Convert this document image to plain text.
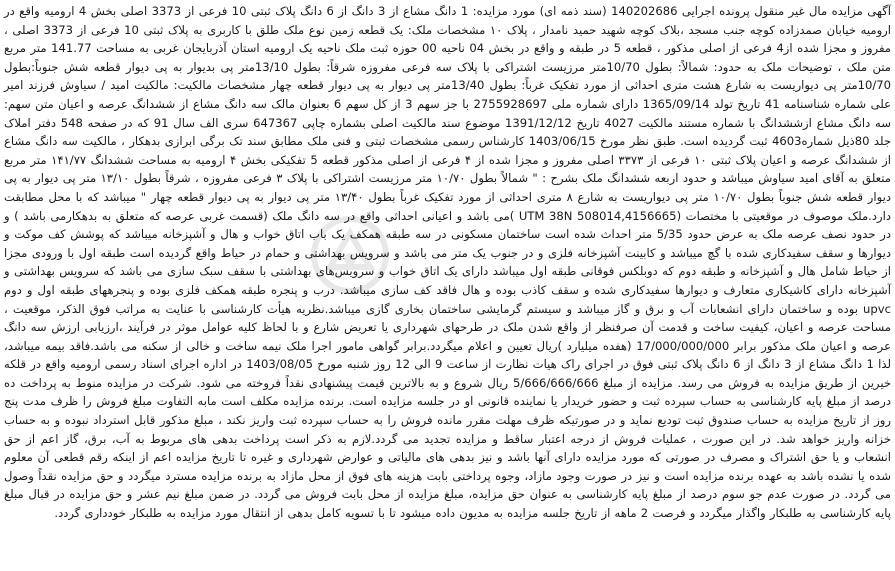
آگهی مزایده مال غیر منقول پرونده اجرایی 140202686 (سند ذمه ای) مورد مزایده: 1 دانگ مشاع از 3 دانگ از 6 دانگ پلاک ثبتی 10 فرعی از 3373 اصلی بخش 4 ارومیه واقع در ارومیه خیابان صمدزاده کوچه جنب مسجد ،بلاک کوچه شهید حمید نامدار ، پلاک ۱۰ مشخصات ملک: یک قطعه زمین نوع ملک طلق با کاربری به پلاک ثبتی 10 فرعی از 3373 اصلی ، مفروز و مجزا شده از4 فرعی از اصلی مذکور ، قطعه 5 در طبقه و واقع در بخش 04 ناحیه 00 حوزه ثبت ملک ناحیه یک ارومیه استان آذربایجان غربی به مساحت 141.77 متر مربع متن ملک ، توضیحات ملک به حدود: شمالاً: بطول 10/70متر مرزیست اشتراکی با پلاک سه فرعی مفروزه شرقاً: بطول 13/10متر پی بدیوار به پی دیوار قطعه شش جنوباً:بطول 10/70متر پی دیواریست به شارع هشت متری احداثی از مورد تفکیک غرباً: بطول 13/40متر پی دیوار به پی دیوار قطعه چهار مشخصات مالکیت: مالکیت امید / سیاوش فرزند امیر علی شماره شناسنامه 41 تاریخ تولد 1365/09/14 دارای شماره ملی 2755928697 با جز سهم 3 از کل سهم 6 بعنوان مالک سه دانگ مشاع از ششدانگ عرصه و اعیان متن سهم: سه دانگ مشاع ازششدانگ با شماره مستند مالکیت 4027 تاریخ 1391/12/12 موضوع سند مالکیت اصلی بشماره چاپی 647367 سری الف سال 91 که در صفحه 548 دفتر املاک جلد 80ذیل شماره4603 ثبت گردیده است. طبق نظر مورخ 1403/06/15 کارشناس رسمی مشخصات ثبتی و فنی ملک مطابق سند تک برگی ابرازی بدهکار ، مالکیت سه دانگ مشاع از ششدانگ عرصه و اعیان پلاک ثبتی ۱۰ فرعی از ۳۳۷۳ اصلی مفروز و مجزا شده از ۴ فرعی از اصلی مذکور قطعه 5 تفکیکی بخش ۴ ارومیه به مساحت ششدانگ ۱۴۱/۷۷ متر مربع متعلق به آقای امید سیاوش میباشد و حدود اربعه ششدانگ ملک بشرح : " شمالاً بطول ۱۰/۷۰ متر مرزیست اشتراکی با پلاک ۳ فرعی مفروزه ، شرقاً بطول ۱۳/۱۰ متر پی دیوار به پی دیوار قطعه شش جنوباً بطول ۱۰/۷۰ متر پی دیواریست به شارع ۸ متری احداثی از مورد تفکیک غرباً بطول ۱۳/۴۰ متر پی دیوار به پی دیوار قطعه چهار " میباشد که با محل مطابقت دارد.ملک موصوف در موقعیتی با مختصات (UTM 38N 508014,4156665 )می باشد و اعیانی احداثی واقع در سه دانگ ملک (قسمت غربی عرصه که متعلق به بدهکارمی باشد ) و در حدود نصف عرصه ملک به عرض حدود 5/35 متر احداث شده است ساختمان مسکونی در سه طبقه همکف یک باب اتاق خواب و هال و آشپزخانه میباشد که پوشش کف موکت و دیوارها و سقف سفیدکاری شده با گچ میباشد و کابینت آشپزخانه فلزی و در جنوب یک متر می باشد و سرویس بهداشتی و حمام در حیاط واقع گردیده است طبقه اول با ورودی مجزا از حیاط شامل هال و آشپزخانه و طبقه دوم که دوبلکس فوقانی طبقه اول میباشد دارای یک اتاق خواب و سرویس‌های بهداشتی با سقف سبک سازی می باشد که سرویس بهداشتی و آشپزخانه دارای کاشیکاری متعارف و دیوارها سفیدکاری شده و سقف کاذب بوده و هال فاقد کف سازی میباشد. درب و پنجره طبقه همکف فلزی بوده و پنجرههای طبقه اول و دوم upvc بوده و ساختمان دارای انشعابات آب و برق و گاز میباشد و سیستم گرمایشی ساختمان بخاری گازی میباشد.نظریه هیأت کارشناسی با عنایت به مراتب فوق الذکر، موقعیت ، مساحت عرصه و اعیان، کیفیت ساخت و قدمت آن صرفنظر از واقع شدن ملک در طرحهای شهرداری یا تعریض شارع و با لحاظ کلیه عوامل موثر در فرآیند ،ارزیابی ارزش سه دانگ عرصه و اعیان ملک مذکور برابر 17/000/000/000 (هفده میلیارد )ریال تعیین و اعلام میگردد.برابر گواهی مامور اجرا ملک نیمه ساخت و خالی از سکنه می باشد.فاقد بیمه میباشد، لذا 1 دانگ مشاع از 3 دانگ از 6 دانگ پلاک ثبتی فوق در اجرای راک هیات نظارت از ساعت 9 الی 12 روز شنبه مورخ 1403/08/05 در اداره اجرای اسناد رسمی ارومیه واقع در قلکه خیرین از طریق مزایده به فروش می رسد. مزایده از مبلغ 5/666/666/666 ریال شروع و به بالاترین قیمت پیشنهادی نقداً فروخته می شود. شرکت در مزایده منوط به پرداخت ده درصد از مبلغ پایه کارشناسی به حساب سپرده ثبت و حضور خریدار یا نماینده قانونی او در جلسه مزایده است. برنده مزایده مکلف است مابه التفاوت مبلغ فروش را ظرف مدت پنج روز از تاریخ مزایده به حساب صندوق ثبت تودیع نماید و در صورتیکه ظرف مهلت مقرر مانده فروش را به حساب سپرده ثبت واریز نکند ، مبلغ مذکور قابل استرداد نبوده و به حساب خزانه واریز خواهد شد. در این صورت ، عملیات فروش از درجه اعتبار ساقط و مزایده تجدید می گردد.لازم به ذکر است پرداخت بدهی های مربوط به آب، برق، گاز اعم از حق انشعاب و یا حق اشتراک و مصرف در صورتی که مورد مزایده دارای آنها باشد و نیز بدهی های مالیاتی و عوارض شهرداری و غیره تا تاریخ مزایده اعم از اینکه رقم قطعی آن معلوم شده یا نشده باشد به عهده برنده مزایده است و نیز در صورت وجود مازاد، وجوه پرداختی بابت هزینه های فوق از محل مازاد به برنده مزایده مسترد میگردد و حق مزایده نقداً وصول می گردد. در صورت عدم جو سوم درصد از مبلغ پایه کارشناسی به عنوان حق مزایده، مبلغ مزایده از محل بابت فروش می گردد. در ضمن مبلغ نیم عشر و حق مزایده در قبال مبلغ پایه کارشناسی به طلبکار واگذار میگردد و فرصت 2 ماهه از تاریخ جلسه مزایده به مدیون داده میشود تا با تسویه کامل بدهی از انتقال مورد مزایده به طلبکار خودداری گردد.
